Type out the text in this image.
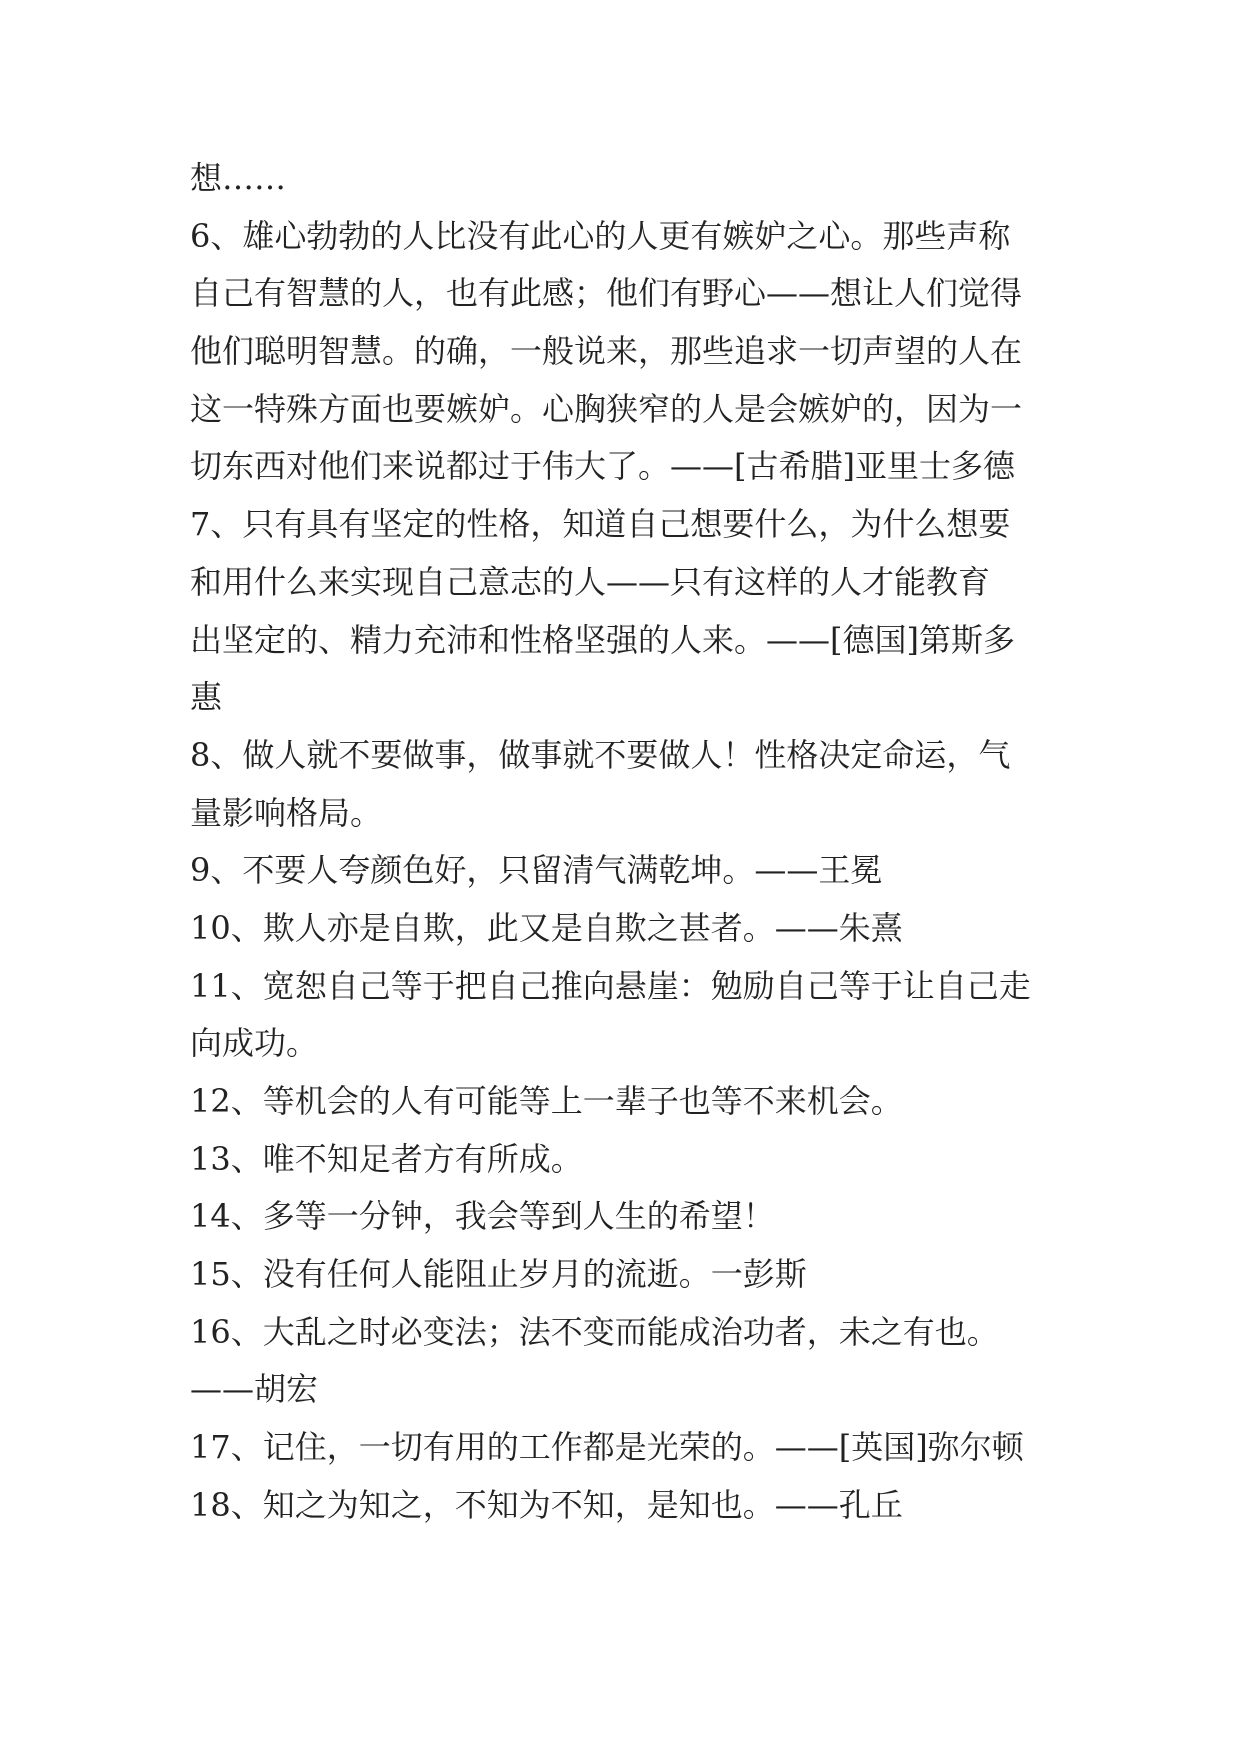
想……
6、雄心勃勃的人比没有此心的人更有嫉妒之心。那些声称
自己有智慧的人，也有此感；他们有野心——想让人们觉得
他们聪明智慧。的确，一般说来，那些追求一切声望的人在
这一特殊方面也要嫉妒。心胸狭窄的人是会嫉妒的，因为一
切东西对他们来说都过于伟大了。——[古希腊]亚里士多德
7、只有具有坚定的性格，知道自己想要什么，为什么想要
和用什么来实现自己意志的人——只有这样的人才能教育
出坚定的、精力充沛和性格坚强的人来。——[德国]第斯多
惠
8、做人就不要做事，做事就不要做人！性格决定命运，气
量影响格局。
9、不要人夸颜色好，只留清气满乾坤。——王冕
10、欺人亦是自欺，此又是自欺之甚者。——朱熹
11、宽恕自己等于把自己推向悬崖：勉励自己等于让自己走
向成功。
12、等机会的人有可能等上一辈子也等不来机会。
13、唯不知足者方有所成。
14、多等一分钟，我会等到人生的希望！
15、没有任何人能阻止岁月的流逝。一彭斯
16、大乱之时必变法；法不变而能成治功者，未之有也。
——胡宏
17、记住，一切有用的工作都是光荣的。——[英国]弥尔顿
18、知之为知之，不知为不知，是知也。——孔丘
